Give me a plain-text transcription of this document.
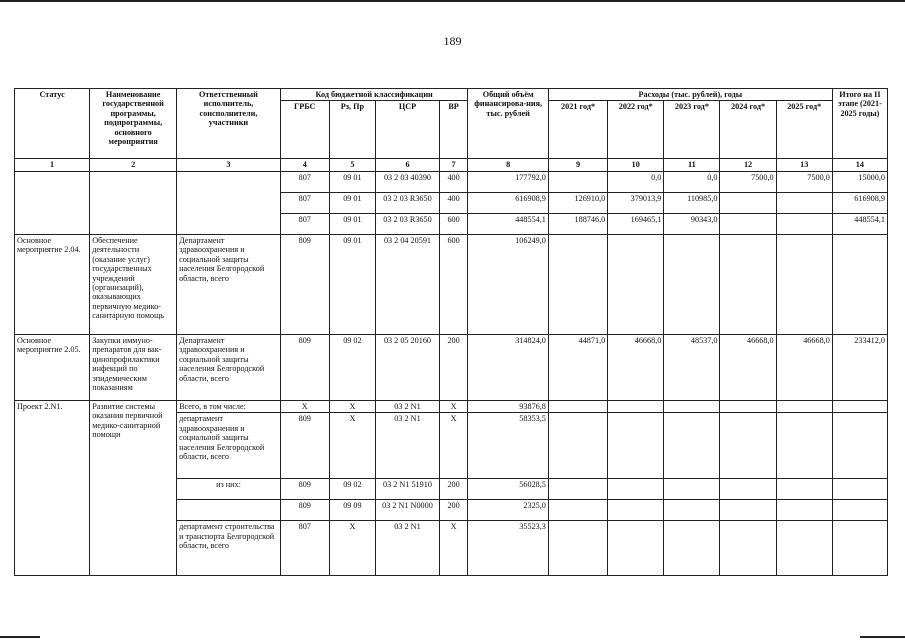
189
Статус	Наименование государственной программы, подпрограммы, основного мероприятия	Ответственный исполнитель, соисполнители, участники	Код бюджетной классификации				Общий объём финансирова-ния, тыс. рублей	Расходы (тыс. рублей), годы					Итого на II этапе (2021-2025 годы)
			ГРБС	Рз, Пр	ЦСР	ВР		2021 год*	2022 год*	2023 год*	2024 год*	2025 год*	
1	2	3	4	5	6	7	8	9	10	11	12	13	14
			807	09 01	03 2 03 40390	400	177792,0		0,0	0,0	7500,0	7500,0	15000,0
			807	09 01	03 2 03 R3650	400	616908,9	126910,0	379013,9	110985,0			616908,9
			807	09 01	03 2 03 R3650	600	448554,1	188746,0	169465,1	90343,0			448554,1
Основное мероприятие 2.04.	Обеспечение деятельности (оказание услуг) государственных учреждений (организаций), оказывающих первичную медико-санитарную помощь	Департамент здравоохранения и социальной защиты населения Белгородской области, всего	809	09 01	03 2 04 20591	600	106249,0						
Основное мероприятие 2.05.	Закупки иммуно-препаратов для вак-цинопрофилактики инфекций по эпидемическим показаниям	Департамент здравоохранения и социальной защиты населения Белгородской области, всего	809	09 02	03 2 05 20160	200	314824,0	44871,0	46668,0	48537,0	46668,0	46668,0	233412,0
Проект 2.N1.	Развитие системы оказания первичной медико-санитарной помощи	Всего, в том числе:	X	X	03 2 N1	X	93876,8						
		департамент здравоохранения и социальной защиты населения Белгородской области, всего	809	X	03 2 N1	X	58353,5						
		из них:	809	09 02	03 2 N1 51910	200	56028,5						
			809	09 09	03 2 N1 N0000	200	2325,0						
		департамент строительства и транспорта Белгородской области, всего	807	X	03 2 N1	X	35523,3						
